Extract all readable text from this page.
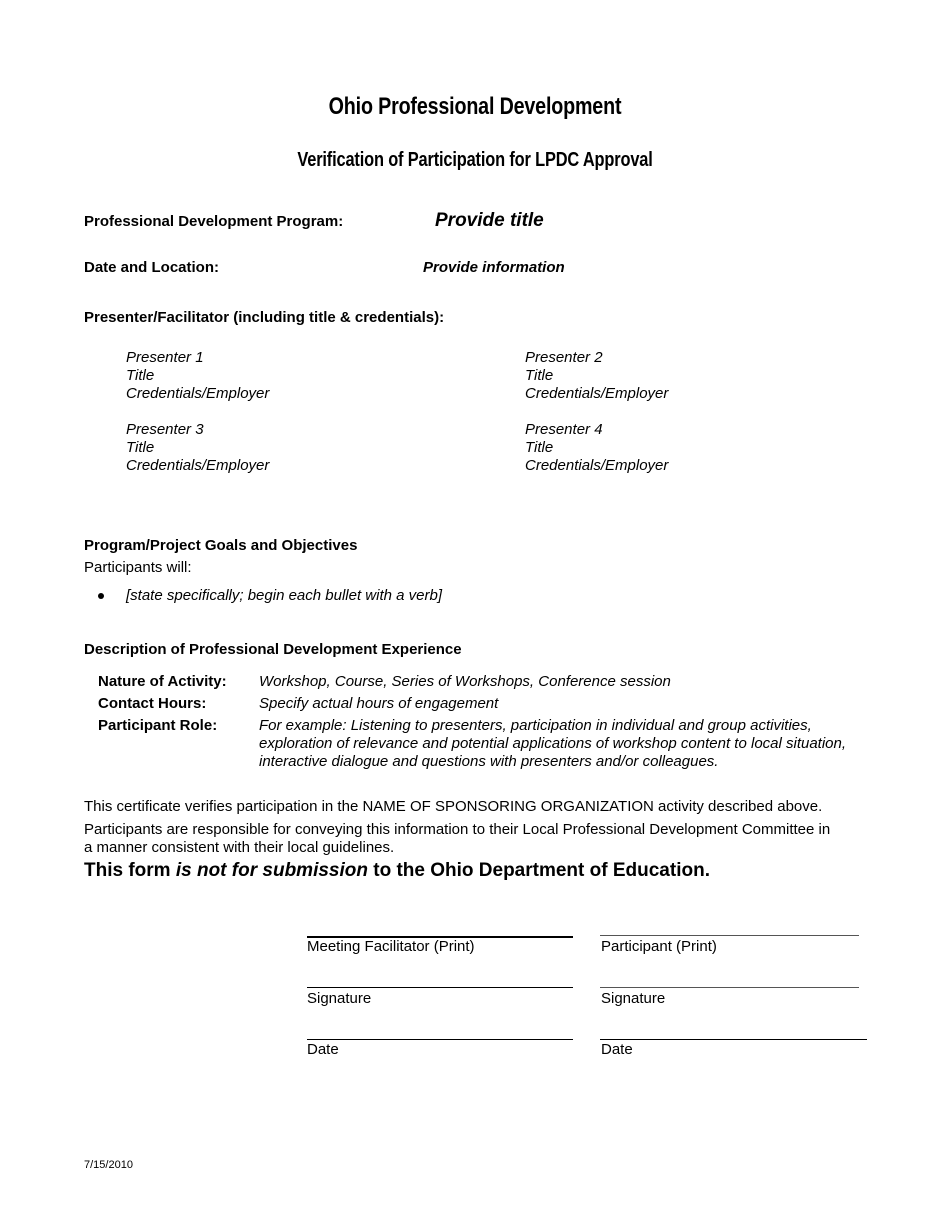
Ohio Professional Development
Verification of Participation for LPDC Approval
Professional Development Program:	Provide title
Date and Location:	Provide information
Presenter/Facilitator (including title & credentials):
Presenter 1
Title
Credentials/Employer
Presenter 2
Title
Credentials/Employer
Presenter 3
Title
Credentials/Employer
Presenter 4
Title
Credentials/Employer
Program/Project Goals and Objectives
Participants will:
[state specifically; begin each bullet with a verb]
Description of Professional Development Experience
Nature of Activity: Workshop, Course, Series of Workshops, Conference session
Contact Hours:	Specify actual hours of engagement
Participant Role:	For example: Listening to presenters, participation in individual and group activities,
exploration of relevance and potential applications of workshop content to local situation,
interactive dialogue and questions with presenters and/or colleagues.
This certificate verifies participation in the NAME OF SPONSORING ORGANIZATION activity described above.
Participants are responsible for conveying this information to their Local Professional Development Committee in
a manner consistent with their local guidelines.
This form is not for submission to the Ohio Department of Education.
Meeting Facilitator (Print)	Participant (Print)
Signature	Signature
Date	Date
7/15/2010
